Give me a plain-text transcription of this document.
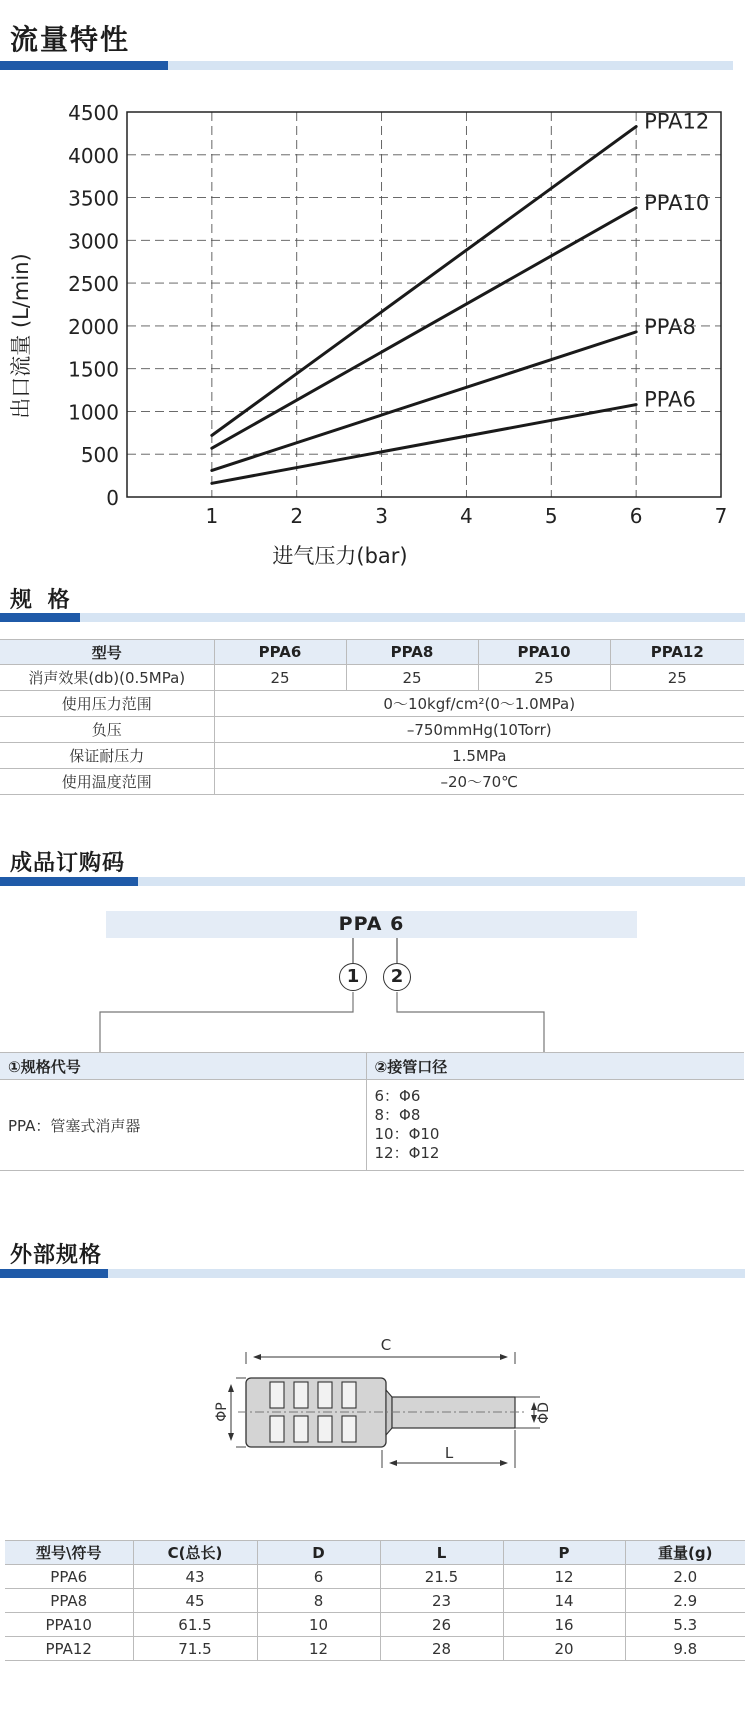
流量特性
0
500
1000
1500
2000
2500
3000
3500
4000
4500
1	2	3	4	5	6	7
PPA12
PPA10
PPA8
PPA6
出口流量 (L/min)
进气压力(bar)
规 格
型号	PPA6	PPA8	PPA10	PPA12
消声效果(db)(0.5MPa)	25	25	25	25
使用压力范围	0～10kgf/cm²(0～1.0MPa)			
负压	–750mmHg(10Torr)			
保证耐压力	1.5MPa			
使用温度范围	–20～70℃			
成品订购码
PPA 6
1	2
①规格代号	②接管口径
PPA：管塞式消声器	6：Φ6
8：Φ8
10：Φ10
12：Φ12
外部规格
C
ΦP	ΦD
L
型号\符号	C(总长)	D	L	P	重量(g)
PPA6	43	6	21.5	12	2.0
PPA8	45	8	23	14	2.9
PPA10	61.5	10	26	16	5.3
PPA12	71.5	12	28	20	9.8
